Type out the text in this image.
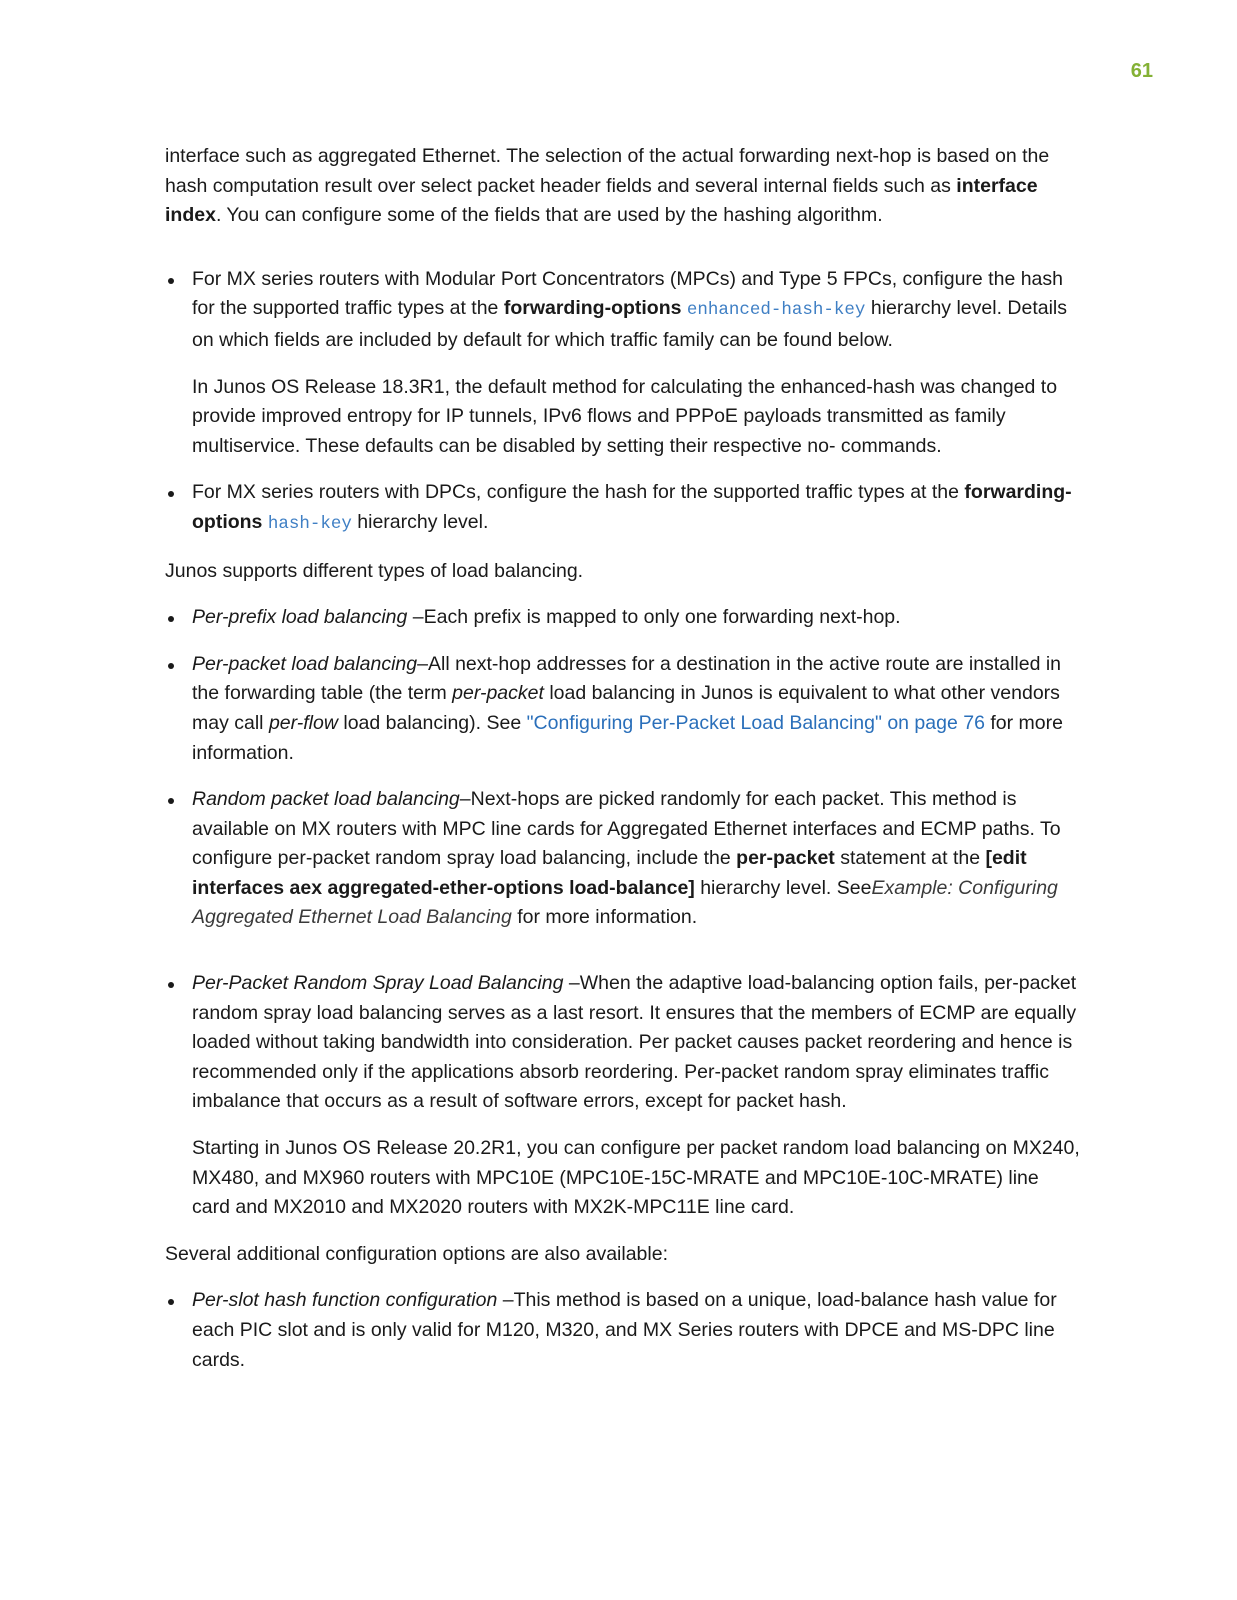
61

interface such as aggregated Ethernet. The selection of the actual forwarding next-hop is based on the hash computation result over select packet header fields and several internal fields such as interface index. You can configure some of the fields that are used by the hashing algorithm.

For MX series routers with Modular Port Concentrators (MPCs) and Type 5 FPCs, configure the hash for the supported traffic types at the forwarding-options enhanced-hash-key hierarchy level. Details on which fields are included by default for which traffic family can be found below.

In Junos OS Release 18.3R1, the default method for calculating the enhanced-hash was changed to provide improved entropy for IP tunnels, IPv6 flows and PPPoE payloads transmitted as family multiservice. These defaults can be disabled by setting their respective no- commands.

For MX series routers with DPCs, configure the hash for the supported traffic types at the forwarding-options hash-key hierarchy level.

Junos supports different types of load balancing.

Per-prefix load balancing –Each prefix is mapped to only one forwarding next-hop.

Per-packet load balancing–All next-hop addresses for a destination in the active route are installed in the forwarding table (the term per-packet load balancing in Junos is equivalent to what other vendors may call per-flow load balancing). See "Configuring Per-Packet Load Balancing" on page 76 for more information.

Random packet load balancing–Next-hops are picked randomly for each packet. This method is available on MX routers with MPC line cards for Aggregated Ethernet interfaces and ECMP paths. To configure per-packet random spray load balancing, include the per-packet statement at the [edit interfaces aex aggregated-ether-options load-balance] hierarchy level. SeeExample: Configuring Aggregated Ethernet Load Balancing for more information.

Per-Packet Random Spray Load Balancing –When the adaptive load-balancing option fails, per-packet random spray load balancing serves as a last resort. It ensures that the members of ECMP are equally loaded without taking bandwidth into consideration. Per packet causes packet reordering and hence is recommended only if the applications absorb reordering. Per-packet random spray eliminates traffic imbalance that occurs as a result of software errors, except for packet hash.

Starting in Junos OS Release 20.2R1, you can configure per packet random load balancing on MX240, MX480, and MX960 routers with MPC10E (MPC10E-15C-MRATE and MPC10E-10C-MRATE) line card and MX2010 and MX2020 routers with MX2K-MPC11E line card.

Several additional configuration options are also available:

Per-slot hash function configuration –This method is based on a unique, load-balance hash value for each PIC slot and is only valid for M120, M320, and MX Series routers with DPCE and MS-DPC line cards.
